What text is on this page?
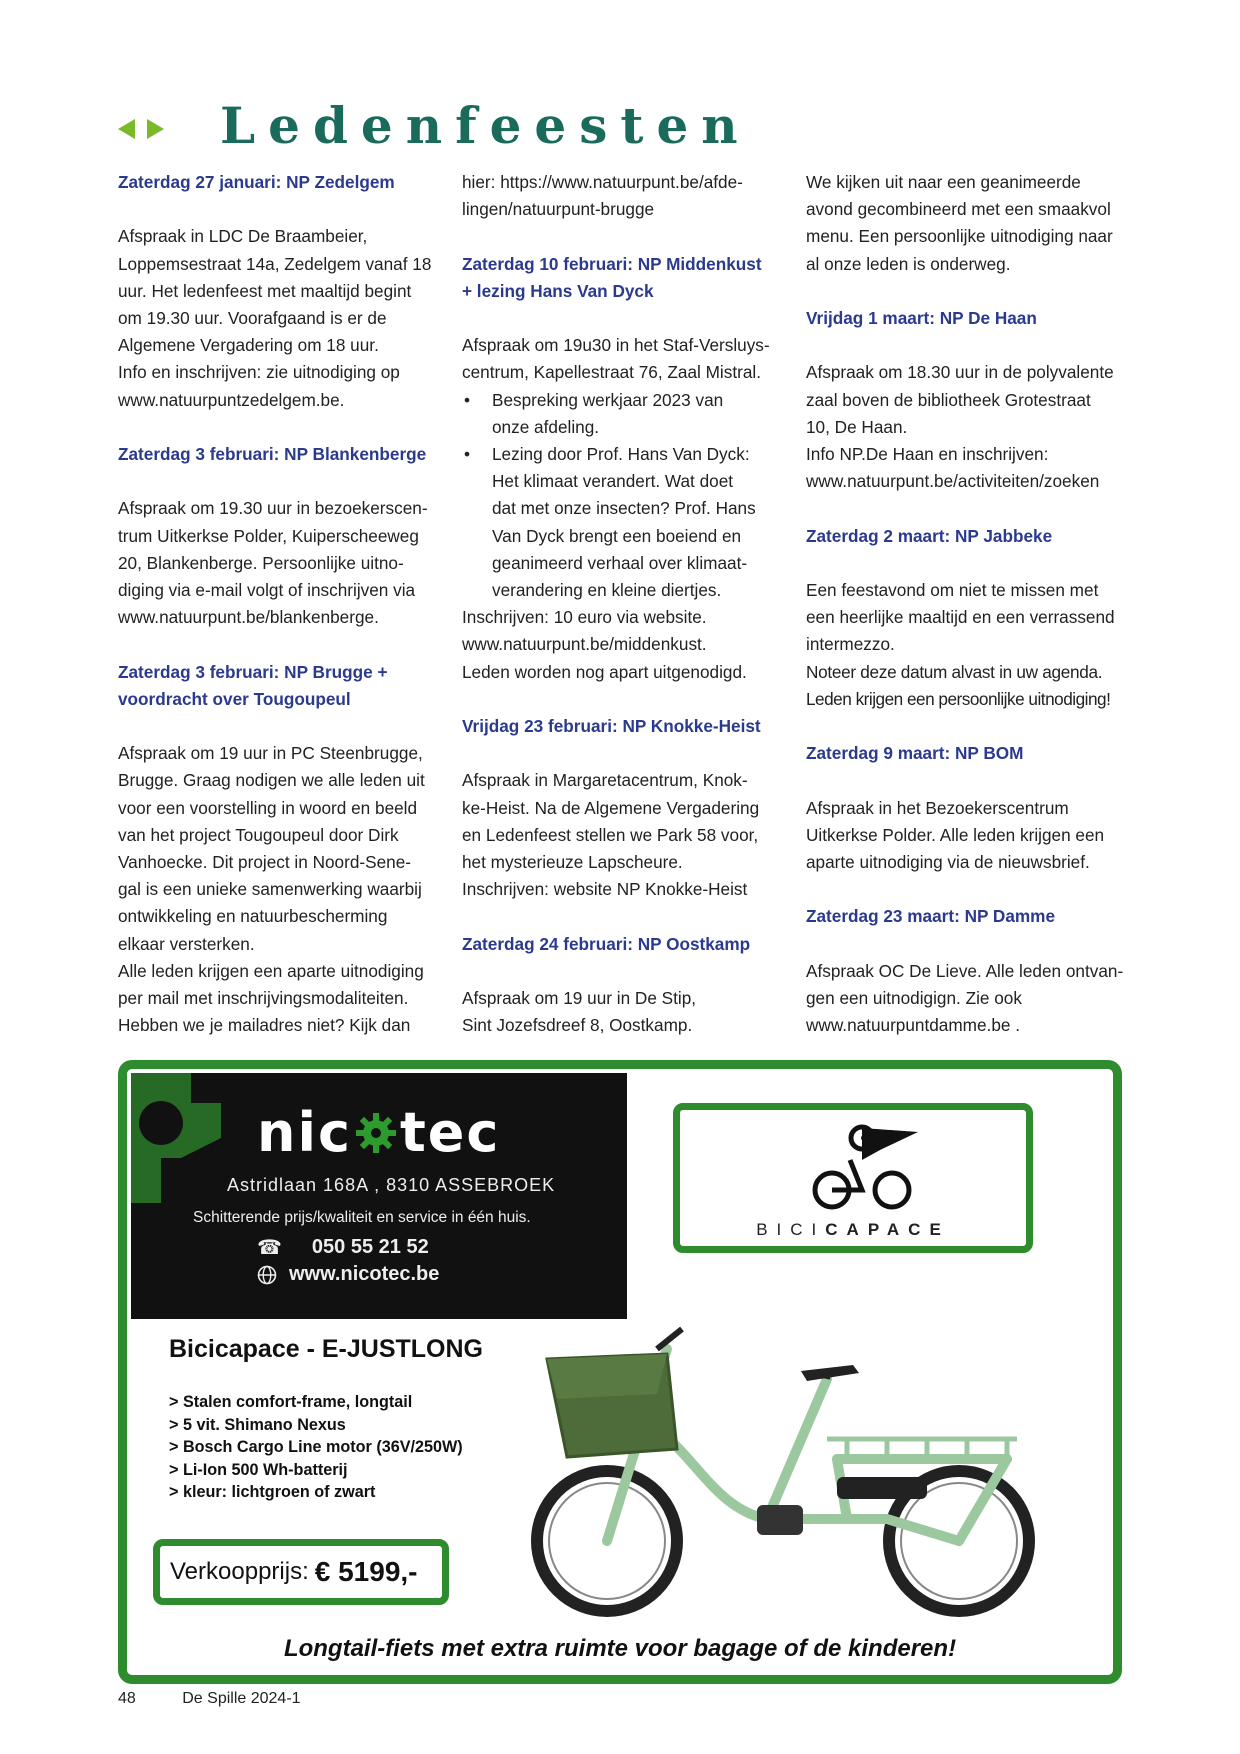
Ledenfeesten

Zaterdag 27 januari: NP Zedelgem

Afspraak in LDC De Braambeier,

Loppemsestraat 14a, Zedelgem vanaf 18

uur. Het ledenfeest met maaltijd begint

om 19.30 uur. Voorafgaand is er de

Algemene Vergadering om 18 uur.

Info en inschrijven: zie uitnodiging op

www.natuurpuntzedelgem.be.

Zaterdag 3 februari: NP Blankenberge

Afspraak om 19.30 uur in bezoekerscen-

trum Uitkerkse Polder, Kuiperscheeweg

20, Blankenberge. Persoonlijke uitno-

diging via e-mail volgt of inschrijven via

www.natuurpunt.be/blankenberge.

Zaterdag 3 februari: NP Brugge +

voordracht over Tougoupeul

Afspraak om 19 uur in PC Steenbrugge,

Brugge. Graag nodigen we alle leden uit

voor een voorstelling in woord en beeld

van het project Tougoupeul door Dirk

Vanhoecke. Dit project in Noord-Sene-

gal is een unieke samenwerking waarbij

ontwikkeling en natuurbescherming

elkaar versterken.

Alle leden krijgen een aparte uitnodiging

per mail met inschrijvingsmodaliteiten.

Hebben we je mailadres niet? Kijk dan

hier: https://www.natuurpunt.be/afde-

lingen/natuurpunt-brugge

Zaterdag 10 februari: NP Middenkust

+ lezing Hans Van Dyck

Afspraak om 19u30 in het Staf-Versluys-

centrum, Kapellestraat 76, Zaal Mistral.

• Bespreking werkjaar 2023 van
onze afdeling.
• Lezing door Prof. Hans Van Dyck:
Het klimaat verandert. Wat doet
dat met onze insecten? Prof. Hans
Van Dyck brengt een boeiend en
geanimeerd verhaal over klimaat-
verandering en kleine diertjes.

Inschrijven: 10 euro via website.

www.natuurpunt.be/middenkust.

Leden worden nog apart uitgenodigd.

Vrijdag 23 februari: NP Knokke-Heist

Afspraak in Margaretacentrum, Knok-

ke-Heist. Na de Algemene Vergadering

en Ledenfeest stellen we Park 58 voor,

het mysterieuze Lapscheure.

Inschrijven: website NP Knokke-Heist

Zaterdag 24 februari: NP Oostkamp

Afspraak om 19 uur in De Stip,

Sint Jozefsdreef 8, Oostkamp.

We kijken uit naar een geanimeerde

avond gecombineerd met een smaakvol

menu. Een persoonlijke uitnodiging naar

al onze leden is onderweg.

Vrijdag 1 maart: NP De Haan

Afspraak om 18.30 uur in de polyvalente

zaal boven de bibliotheek Grotestraat

10, De Haan.

Info NP.De Haan en inschrijven:

www.natuurpunt.be/activiteiten/zoeken

Zaterdag 2 maart: NP Jabbeke

Een feestavond om niet te missen met

een heerlijke maaltijd en een verrassend

intermezzo.

Noteer deze datum alvast in uw agenda.

Leden krijgen een persoonlijke uitnodiging!

Zaterdag 9 maart: NP BOM

Afspraak in het Bezoekerscentrum

Uitkerkse Polder. Alle leden krijgen een

aparte uitnodiging via de nieuwsbrief.

Zaterdag 23 maart: NP Damme

Afspraak OC De Lieve. Alle leden ontvan-

gen een uitnodigign. Zie ook

www.natuurpuntdamme.be .

nic tec
Astridlaan 168A , 8310 ASSEBROEK
Schitterende prijs/kwaliteit en service in één huis.
☎ 050 55 21 52
www.nicotec.be
BICICAPACE
Bicicapace - E-JUSTLONG
> Stalen comfort-frame, longtail
> 5 vit. Shimano Nexus
> Bosch Cargo Line motor (36V/250W)
> Li-Ion 500 Wh-batterij
> kleur: lichtgroen of zwart
Verkoopprijs: € 5199,-
Longtail-fiets met extra ruimte voor bagage of de kinderen!
48	De Spille 2024-1
